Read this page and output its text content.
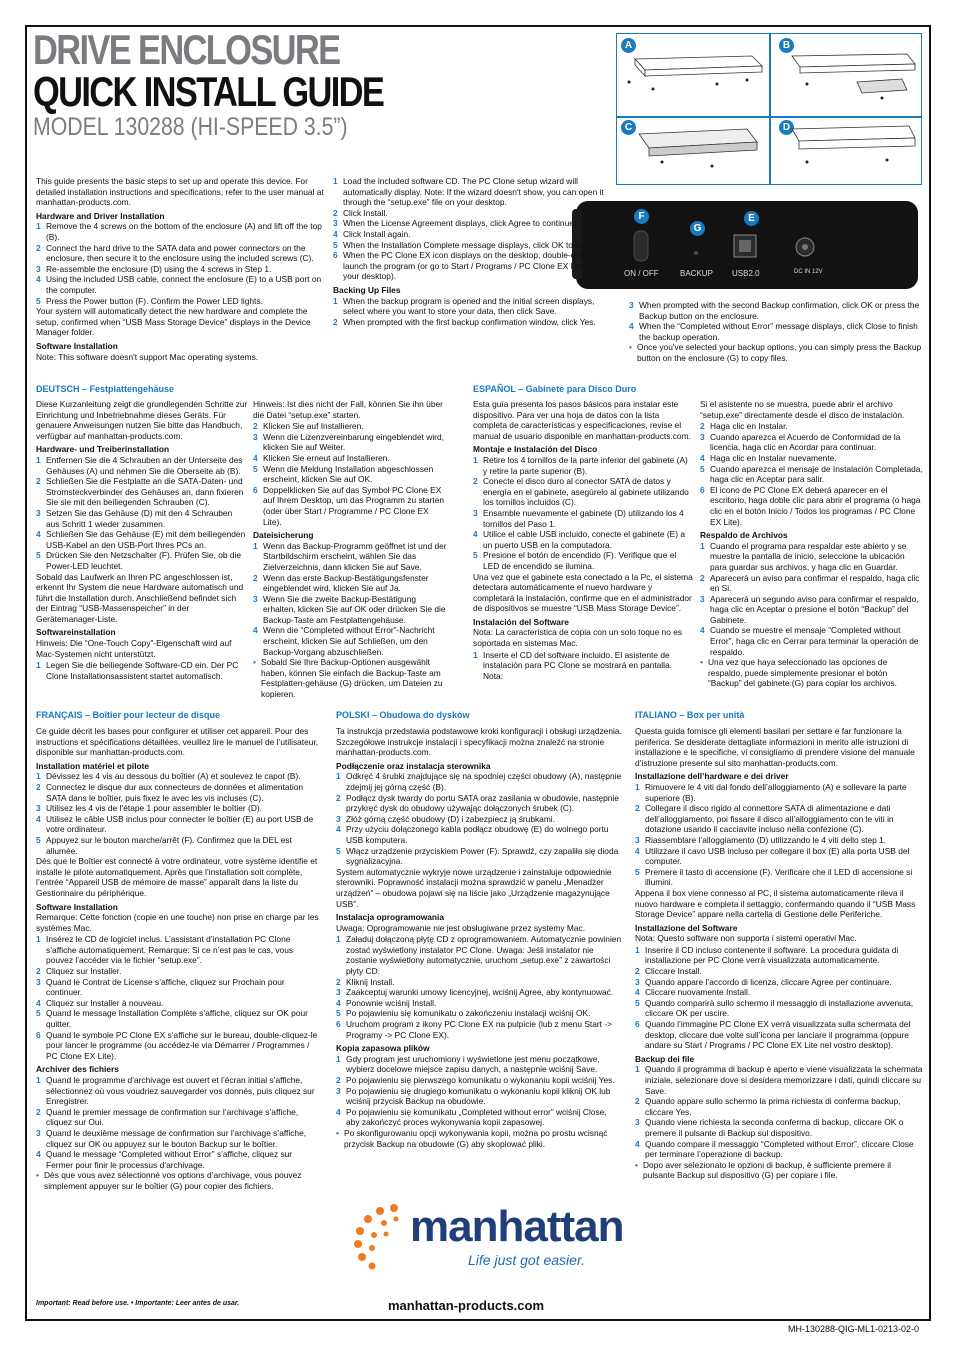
DRIVE ENCLOSURE
QUICK INSTALL GUIDE
MODEL 130288 (HI-SPEED 3.5”)
A	B
C	D
F
G
E
ON / OFF	BACKUP USB2.0	DC IN 12V

This guide presents the basic steps to set up and operate this device. For detailed installation instructions and specifications, refer to the user manual at manhattan-products.com.

Hardware and Driver Installation
1 Remove the 4 screws on the bottom of the enclosure (A) and lift off the top (B).
2 Connect the hard drive to the SATA data and power connectors on the enclosure, then secure it to the enclosure using the included screws (C).
3 Re-assemble the enclosure (D) using the 4 screws in Step 1.
4 Using the included USB cable, connect the enclosure (E) to a USB port on the computer.
5 Press the Power button (F). Confirm the Power LED lights.

Your system will automatically detect the new hardware and complete the setup, confirmed when “USB Mass Storage Device” displays in the Device Manager folder.

Software Installation

Note: This software doesn't support Mac operating systems.

1 Load the included software CD. The PC Clone setup wizard will automatically display. Note: If the wizard doesn't show, you can open it through the “setup.exe” file on your desktop.
2 Click Install.
3 When the License Agreement displays, click Agree to continue.
4 Click Install again.
5 When the Installation Complete message displays, click OK to exit.
6 When the PC Clone EX icon displays on the desktop, double-click it to launch the program (or go to Start / Programs / PC Clone EX Lite on your desktop).
Backing Up Files
1 When the backup program is opened and the initial screen displays, select where you want to store your data, then click Save.
2 When prompted with the first backup confirmation window, click Yes.
3 When prompted with the second Backup confirmation, click OK or press the Backup button on the enclosure.
4 When the “Completed without Error” message displays, click Close to finish the backup operation.
• Once you've selected your backup options, you can simply press the Backup button on the enclosure (G) to copy files.
DEUTSCH – Festplattengehäuse

Diese Kurzanleitung zeigt die grundlegenden Schritte zur Einrichtung und Inbetriebnahme dieses Geräts. Für genauere Anweisungen nutzen Sie bitte das Handbuch, verfügbar auf manhattan-products.com.

Hardware- und Treiberinstallation
1 Entfernen Sie die 4 Schrauben an der Unterseite des Gehäuses (A) und nehmen Sie die Oberseite ab (B).
2 Schließen Sie die Festplatte an die SATA-Daten- und Stromsteckverbinder des Gehäuses an, dann fixieren Sie sie mit den beiliegenden Schrauben (C).
3 Setzen Sie das Gehäuse (D) mit den 4 Schrauben aus Schritt 1 wieder zusammen.
4 Schließen Sie das Gehäuse (E) mit dem beiliegenden USB-Kabel an den USB-Port Ihres PCs an.
5 Drücken Sie den Netzschalter (F). Prüfen Sie, ob die Power-LED leuchtet.

Sobald das Laufwerk an Ihren PC angeschlossen ist, erkennt Ihr System die neue Hardware automatisch und führt die Installation durch. Anschließend befindet sich der Eintrag “USB-Massenspeicher” in der Gerätemanager-Liste.

Softwareinstallation

Hinweis: Die “One-Touch Copy”-Eigenschaft wird auf Mac-Systemen nicht unterstützt.

1 Legen Sie die beiliegende Software-CD ein. Der PC Clone Installationsassistent startet automatisch.

Hinweis: Ist dies nicht der Fall, können Sie ihn über die Datei “setup.exe” starten.

2 Klicken Sie auf Installieren.
3 Wenn die Lizenzvereinbarung eingeblendet wird, klicken Sie auf Weiter.
4 Klicken Sie erneut auf Installieren.
5 Wenn die Meldung Installation abgeschlossen erscheint, klicken Sie auf OK.
6 Doppelklicken Sie auf das Symbol PC Clone EX auf Ihrem Desktop, um das Programm zu starten (oder über Start / Programme / PC Clone EX Lite).
Dateisicherung
1 Wenn das Backup-Programm geöffnet ist und der Startbildschirm erscheint, wählen Sie das Zielverzeichnis, dann klicken Sie auf Save.
2 Wenn das erste Backup-Bestätigungsfenster eingeblendet wird, klicken Sie auf Ja.
3 Wenn Sie die zweite Backup-Bestätigung erhalten, klicken Sie auf OK oder drücken Sie die Backup-Taste am Festplattengehäuse.
4 Wenn die “Completed without Error”-Nachricht erscheint, klicken Sie auf Schließen, um den Backup-Vorgang abzuschließen.
• Sobald Sie Ihre Backup-Optionen ausgewählt haben, können Sie einfach die Backup-Taste am Festplatten-gehäuse (G) drücken, um Dateien zu kopieren.
ESPAÑOL – Gabinete para Disco Duro

Esta guía presenta los pasos básicos para instalar este dispositivo. Para ver una hoja de datos con la lista completa de características y especificaciones, revise el manual de usuario disponible en manhattan-products.com.

Montaje e Instalación del Disco
1 Retire los 4 tornillos de la parte inferior del gabinete (A) y retire la parte superior (B).
2 Conecte el disco duro al conector SATA de datos y energía en el gabinete, asegúrelo al gabinete utilizando los tornillos incluidos (C).
3 Ensamble nuevamente el gabinete (D) utilizando los 4 tornillos del Paso 1.
4 Utilice el cable USB incluido, conecte el gabinete (E) a un puerto USB en la computadora.
5 Presione el botón de encendido (F). Verifique que el LED de encendido se ilumina.

Una vez que el gabinete esta conectado a la Pc, el sistema detectara automáticamente el nuevo hardware y completará la instalación, confirme que en el administrador de dispositivos se muestre “USB Mass Storage Device”.

Instalación del Software

Nota: La característica de copia con un solo toque no es soportada en sistemas Mac.

1 Inserte el CD del software incluido. El asistente de instalación para PC Clone se mostrará en pantalla. Nota:

Si el asistente no se muestra, puede abrir el archivo “setup.exe” directamente desde el disco de instalación.

2 Haga clic en Instalar.
3 Cuando aparezca el Acuerdo de Conformidad de la licencia, haga clic en Acordar para continuar.
4 Haga clic en Instalar nuevamente.
5 Cuando aparezca el mensaje de Instalación Completada, haga clic en Aceptar para salir.
6 El icono de PC Clone EX deberá aparecer en el escritorio, haga doble clic para abrir el programa (o haga clic en el botón Inicio / Todos los programas / PC Clone EX Lite).
Respaldo de Archivos
1 Cuando el programa para respaldar este abierto y se muestre la pantalla de inicio, seleccione la ubicación para guardar sus archivos, y haga clic en Guardar.
2 Aparecerá un aviso para confirmar el respaldo, haga clic en Si.
3 Aparecerá un segundo aviso para confirmar el respaldo, haga clic en Aceptar o presione el botón “Backup” del Gabinete.
4 Cuando se muestre el mensaje “Completed without Error”, haga clic en Cerrar para terminar la operación de respaldo.
• Una vez que haya seleccionado las opciones de respaldo, puede simplemente presionar el botón “Backup” del gabinete (G) para copiar los archivos.
FRANÇAIS – Boîtier pour lecteur de disque

Ce guide décrit les bases pour configurer et utiliser cet appareil. Pour des instructions et spécifications détaillées, veuillez lire le manuel de l’utilisateur, disponible sur manhattan-products.com.

Installation matériel et pilote
1 Dévissez les 4 vis au dessous du boîtier (A) et soulevez le capot (B).
2 Connectez le disque dur aux connecteurs de données et alimentation SATA dans le boîtier, puis fixez le avec les vis incluses (C).
3 Utilisez les 4 vis de l’étape 1 pour assembler le boîtier (D).
4 Utilisez le câble USB inclus pour connecter le boîtier (E) au port USB de votre ordinateur.
5 Appuyez sur le bouton marche/arrêt (F). Confirmez que la DEL est allumée.

Dès que le Boîtier est connecté à votre ordinateur, votre système identifie et installe le pilote automatiquement. Après que l’installation soit complète, l’entrée “Appareil USB de mémoire de masse” apparaît dans la liste du Gestionnaire du périphérique.

Software Installation

Remarque: Cette fonction (copie en une touche) non prise en charge par les systèmes Mac.

1 Insérez le CD de logiciel inclus. L’assistant d’installation PC Clone s’affiche automatiquement. Remarque: Si ce n’est pas le cas, vous pouvez l’accéder via le fichier “setup.exe”.
2 Cliquez sur Installer.
3 Quand le Contrat de License s’affiche, cliquez sur Prochain pour continuer.
4 Cliquez sur Installer à nouveau.
5 Quand le message Installation Complète s’affiche, cliquez sur OK pour quitter.
6 Quand le symbole PC Clone EX s’affiche sur le bureau, double-cliquez-le pour lancer le programme (ou accédez-le via Démarrer / Programmes / PC Clone EX Lite).
Archiver des fichiers
1 Quand le programme d’archivage est ouvert et l’écran initial s’affiche, sélectionnez où vous voudriez sauvegarder vos donnés, puis cliquez sur Enregistrer.
2 Quand le premier message de confirmation sur l’archivage s’affiche, cliquez sur Oui.
3 Quand le deuxième message de confirmation sur l’archivage s’affiche, cliquez sur OK ou appuyez sur le bouton Backup sur le boîtier.
4 Quand le message “Completed without Error” s’affiche, cliquez sur Fermer pour finir le processus d’archivage.
• Dès que vous avez sélectionné vos options d’archivage, vous pouvez simplement appuyer sur le boîtier (G) pour copier des fichiers.
POLSKI – Obudowa do dysków

Ta instrukcja przedstawia podstawowe kroki konfiguracji i obsługi urządzenia. Szczegółowe instrukcje instalacji i specyfikacji można znaleźć na stronie manhattan-products.com.

Podłączenie oraz instalacja sterownika
1 Odkręć 4 śrubki znajdujące się na spodniej części obudowy (A), następnie zdejmij jej górną część (B).
2 Podłącz dysk twardy do portu SATA oraz zasilania w obudowie, następnie przykręć dysk do obudowy używając dołączonych śrubek (C).
3 Złóż górną część obudowy (D) i zabezpiecz ją śrubkami.
4 Przy użyciu dołączonego kabla podłącz obudowę (E) do wolnego portu USB komputera.
5 Włącz urządzenie przyciskiem Power (F). Sprawdź, czy zapaliła się dioda sygnalizacyjna.

System automatycznie wykryje nowe urządzenie i zainstaluje odpowiednie sterowniki. Poprawność instalacji można sprawdzić w panelu „Menadżer urządzeń” – obudowa pojawi się na liście jako „Urządzenie magazynujące USB”.

Instalacja oprogramowania

Uwaga: Oprogramowanie nie jest obsługiwane przez systemy Mac.

1 Załaduj dołączoną płytę CD z oprogramowaniem. Automatycznie powinien zostać wyświetlony instalator PC Clone. Uwaga: Jeśli instalator nie zostanie wyświetlony automatycznie, uruchom „setup.exe” z zawartości płyty CD.
2 Kliknij Install.
3 Zaakceptuj warunki umowy licencyjnej, wciśnij Agree, aby kontynuować.
4 Ponownie wciśnij Install.
5 Po pojawieniu się komunikatu o zakończeniu instalacji wciśnij OK.
6 Uruchom program z ikony PC Clone EX na pulpicie (lub z menu Start -> Programy -> PC Clone EX).
Kopia zapasowa plików
1 Gdy program jest uruchomiony i wyświetlone jest menu początkowe, wybierz docelowe miejsce zapisu danych, a następnie wciśnij Save.
2 Po pojawieniu się pierwszego komunikatu o wykonaniu kopii wciśnij Yes.
3 Po pojawieniu się drugiego komunikatu o wykonaniu kopii kliknij OK lub wciśnij przycisk Backup na obudowie.
4 Po pojawieniu się komunikatu „Completed without error” wciśnij Close, aby zakończyć proces wykonywania kopii zapasowej.
• Po skonfigurowaniu opcji wykonywania kopii, można po prostu wcisnąć przycisk Backup na obudowie (G) aby skopiować pliki.
ITALIANO – Box per unità

Questa guida fornisce gli elementi basilari per settare e far funzionare la periferica. Se desiderate dettagliate informazioni in merito alle istruzioni di installazione e le specifiche, vi consigliamo di prendere visione del manuale d’istruzione presente sul sito manhattan-products.com.

Installazione dell’hardware e dei driver
1 Rimuovere le 4 viti dal fondo dell’alloggiamento (A) e sollevare la parte superiore (B).
2 Collegare il disco rigido al connettore SATA di alimentazione e dati dell’alloggiamento, poi fissare il disco all’alloggiamento con le viti in dotazione usando il cacciavite incluso nella confezione (C).
3 Riassemblare l’alloggiamento (D) utilizzando le 4 viti dello step 1.
4 Utilizzare il cavo USB incluso per collegare il box (E) alla porta USB del computer.
5 Premere il tasto di accensione (F). Verificare che il LED di accensione si illumini.

Appena il box viene connesso al PC, il sistema automaticamente rileva il nuovo hardware e completa il settaggio, confermando quando il “USB Mass Storage Device” appare nella cartella di Gestione delle Periferiche.

Installazione del Software

Nota: Questo software non supporta i sistemi operativi Mac.

1 Inserire il CD incluso contenente il software. La procedura guidata di installazione per PC Clone verrà visualizzata automaticamente.
2 Cliccare Install.
3 Quando appare l’accordo di licenza, cliccare Agree per continuare.
4 Cliccare nuovamente Install.
5 Quando comparirà sullo schermo il messaggio di installazione avvenuta, cliccare OK per uscire.
6 Quando l’immagine PC Clone EX verrà visualizzata sulla schermata del desktop, cliccare due volte sull’icona per lanciare il programma (oppure andare su Start / Programs / PC Clone EX Lite nel vostro desktop).
Backup dei file
1 Quando il programma di backup è aperto e viene visualizzata la schermata iniziale, selezionare dove si desidera memorizzare i dati, quindi cliccare su Save.
2 Quando appare sullo schermo la prima richiesta di conferma backup, cliccare Yes.
3 Quando viene richiesta la seconda conferma di backup, cliccare OK o premere il pulsante di Backup sul dispositivo.
4 Quando compare il messaggio “Completed without Error”, cliccare Close per terminare l’operazione di backup.
• Dopo aver selezionato le opzioni di backup, è sufficiente premere il pulsante Backup sul dispositivo (G) per copiare i file.
manhattan
Life just got easier.
Important: Read before use. • Importante: Leer antes de usar.	manhattan-products.com
MH-130288-QIG-ML1-0213-02-0
